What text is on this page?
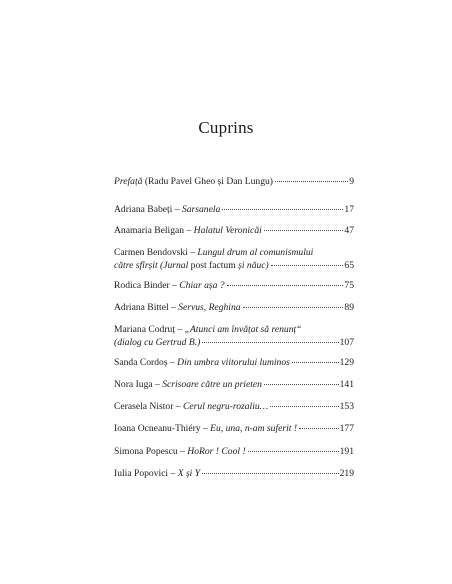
Cuprins
Prefață (Radu Pavel Gheo și Dan Lungu)	9
Adriana Babeți – Sarsanela	17
Anamaria Beligan – Halatul Veronicăi	47
Carmen Bendovski – Lungul drum al comunismului
către sfîrșit (Jurnal post factum și năuc)	65
Rodica Binder – Chiar așa ?	75
Adriana Bittel – Servus, Reghina	89
Mariana Codruț – „Atunci am învățat să renunț“
(dialog cu Gertrud B.)	107
Sanda Cordoș – Din umbra viitorului luminos	129
Nora Iuga – Scrisoare către un prieten	141
Cerasela Nistor – Cerul negru-rozaliu…	153
Ioana Ocneanu-Thiéry – Eu, una, n-am suferit !	177
Simona Popescu – HoRor ! Cool !	191
Iulia Popovici – X și Y	219
